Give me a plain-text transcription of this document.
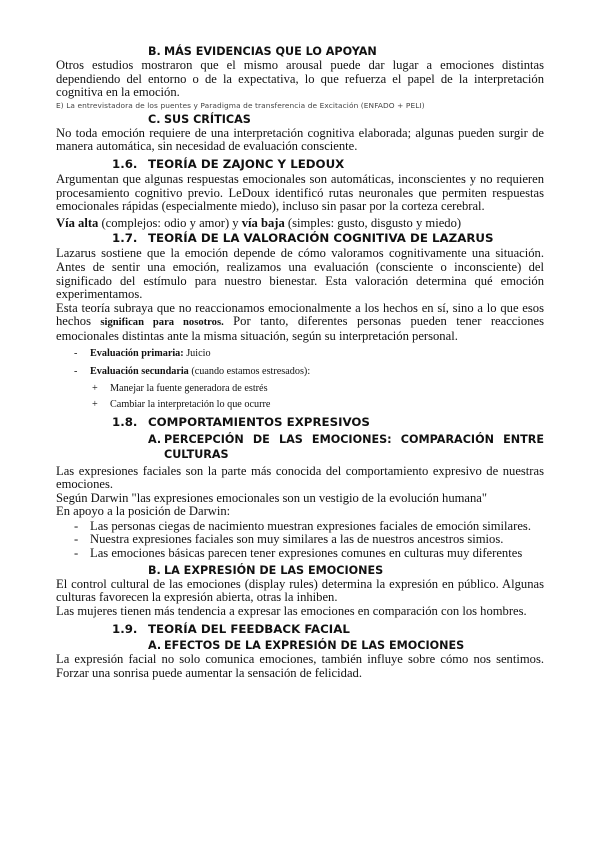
B. MÁS EVIDENCIAS QUE LO APOYAN

Otros estudios mostraron que el mismo arousal puede dar lugar a emociones distintas dependiendo del entorno o de la expectativa, lo que refuerza el papel de la interpretación cognitiva en la emoción.

E) La entrevistadora de los puentes y Paradigma de transferencia de Excitación (ENFADO + PELI)
C. SUS CRÍTICAS

No toda emoción requiere de una interpretación cognitiva elaborada; algunas pueden surgir de manera automática, sin necesidad de evaluación consciente.

1.6. TEORÍA DE ZAJONC Y LEDOUX

Argumentan que algunas respuestas emocionales son automáticas, inconscientes y no requieren procesamiento cognitivo previo. LeDoux identificó rutas neuronales que permiten respuestas emocionales rápidas (especialmente miedo), incluso sin pasar por la corteza cerebral.

Vía alta (complejos: odio y amor) y vía baja (simples: gusto, disgusto y miedo)

1.7. TEORÍA DE LA VALORACIÓN COGNITIVA DE LAZARUS

Lazarus sostiene que la emoción depende de cómo valoramos cognitivamente una situación. Antes de sentir una emoción, realizamos una evaluación (consciente o inconsciente) del significado del estímulo para nuestro bienestar. Esta valoración determina qué emoción experimentamos.

Esta teoría subraya que no reaccionamos emocionalmente a los hechos en sí, sino a lo que esos hechos significan para nosotros. Por tanto, diferentes personas pueden tener reacciones emocionales distintas ante la misma situación, según su interpretación personal.

- Evaluación primaria: Juicio
- Evaluación secundaria (cuando estamos estresados):
+ Manejar la fuente generadora de estrés
+ Cambiar la interpretación lo que ocurre
1.8. COMPORTAMIENTOS EXPRESIVOS
A. PERCEPCIÓN DE LAS EMOCIONES: COMPARACIÓN ENTRE CULTURAS

Las expresiones faciales son la parte más conocida del comportamiento expresivo de nuestras emociones.

Según Darwin "las expresiones emocionales son un vestigio de la evolución humana"

En apoyo a la posición de Darwin:

- Las personas ciegas de nacimiento muestran expresiones faciales de emoción similares.
- Nuestra expresiones faciales son muy similares a las de nuestros ancestros simios.
- Las emociones básicas parecen tener expresiones comunes en culturas muy diferentes
B. LA EXPRESIÓN DE LAS EMOCIONES

El control cultural de las emociones (display rules) determina la expresión en público. Algunas culturas favorecen la expresión abierta, otras la inhiben.

Las mujeres tienen más tendencia a expresar las emociones en comparación con los hombres.

1.9. TEORÍA DEL FEEDBACK FACIAL
A. EFECTOS DE LA EXPRESIÓN DE LAS EMOCIONES

La expresión facial no solo comunica emociones, también influye sobre cómo nos sentimos. Forzar una sonrisa puede aumentar la sensación de felicidad.
